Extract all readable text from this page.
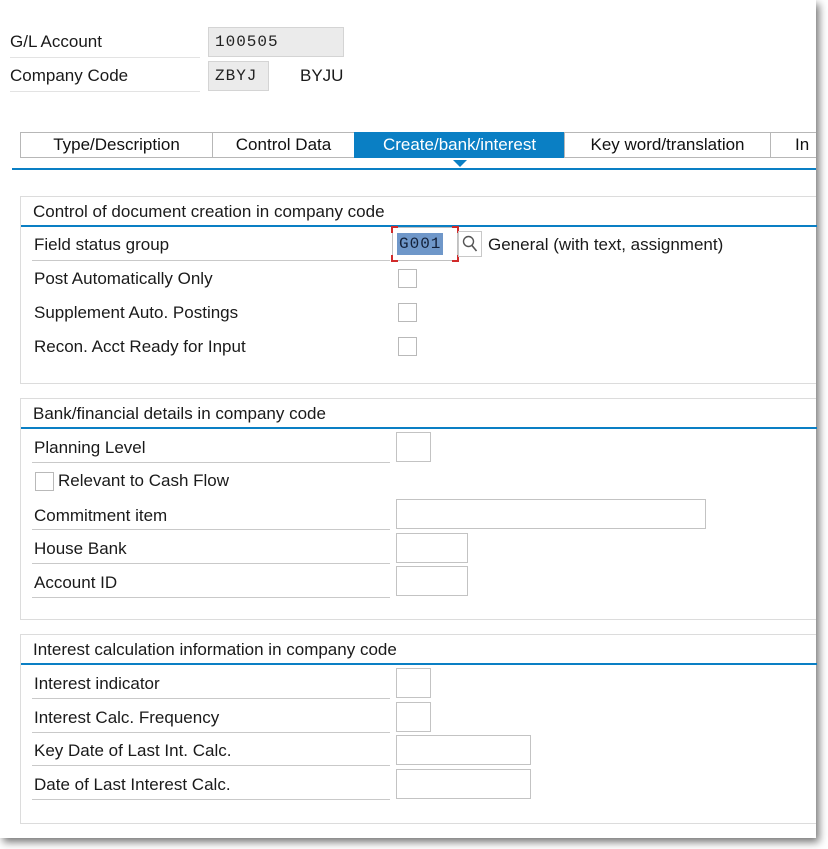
G/L Account	100505
Company Code	ZBYJ	BYJU
Type/Description	Control Data	Create/bank/interest	Key word/translation	In
Control of document creation in company code
Field status group	G001	General (with text, assignment)
Post Automatically Only
Supplement Auto. Postings
Recon. Acct Ready for Input
Bank/financial details in company code
Planning Level
Relevant to Cash Flow
Commitment item
House Bank
Account ID
Interest calculation information in company code
Interest indicator
Interest Calc. Frequency
Key Date of Last Int. Calc.
Date of Last Interest Calc.
